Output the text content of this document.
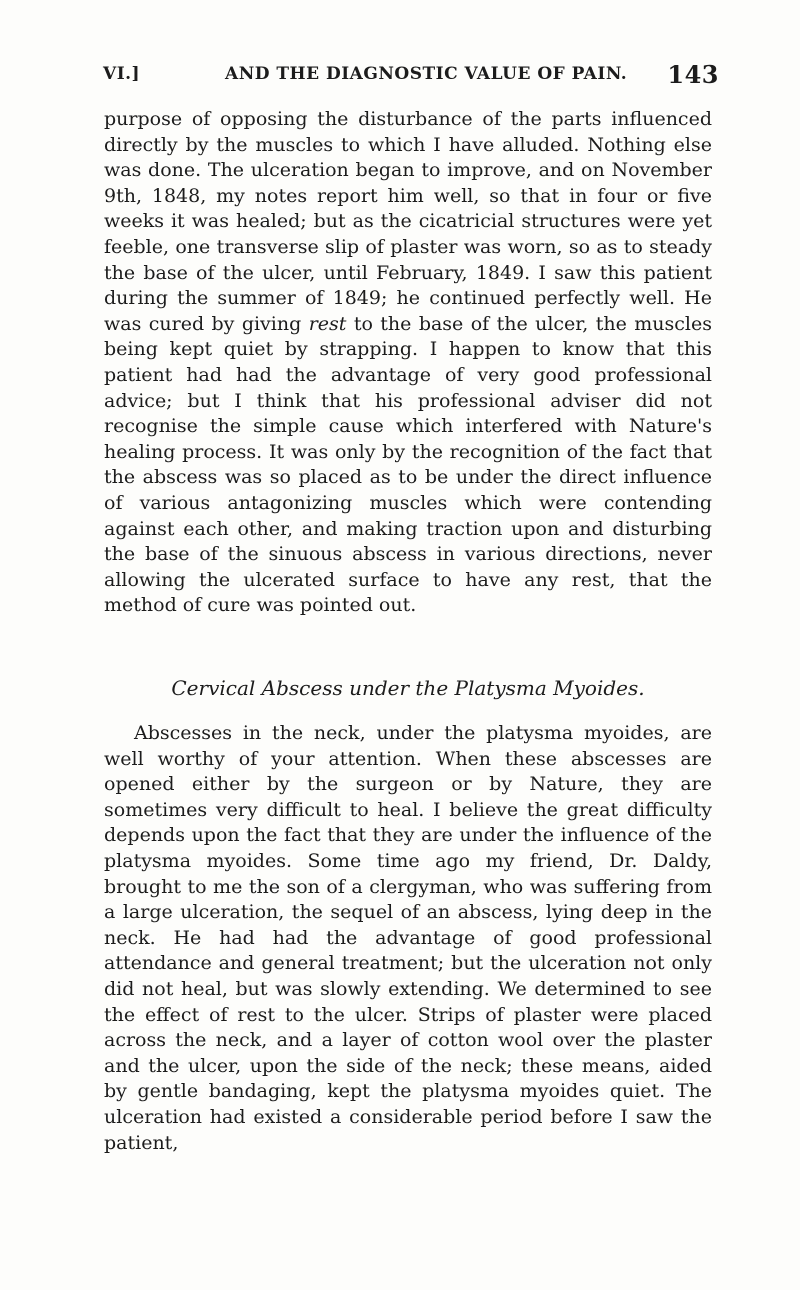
VI.]	AND THE DIAGNOSTIC VALUE OF PAIN. 143

purpose of opposing the disturbance of the parts influenced directly by the muscles to which I have alluded. Nothing else was done. The ulceration began to improve, and on November 9th, 1848, my notes report him well, so that in four or five weeks it was healed; but as the cicatricial structures were yet feeble, one transverse slip of plaster was worn, so as to steady the base of the ulcer, until February, 1849. I saw this patient during the summer of 1849; he continued perfectly well. He was cured by giving rest to the base of the ulcer, the muscles being kept quiet by strapping. I happen to know that this patient had had the advantage of very good professional advice; but I think that his professional adviser did not recognise the simple cause which interfered with Nature's healing process. It was only by the recognition of the fact that the abscess was so placed as to be under the direct influence of various antagonizing muscles which were contending against each other, and making traction upon and disturbing the base of the sinuous abscess in various directions, never allowing the ulcerated surface to have any rest, that the method of cure was pointed out.

Cervical Abscess under the Platysma Myoides.

Abscesses in the neck, under the platysma myoides, are well worthy of your attention. When these abscesses are opened either by the surgeon or by Nature, they are sometimes very difficult to heal. I believe the great difficulty depends upon the fact that they are under the influence of the platysma myoides. Some time ago my friend, Dr. Daldy, brought to me the son of a clergyman, who was suffering from a large ulceration, the sequel of an abscess, lying deep in the neck. He had had the advantage of good professional attendance and general treatment; but the ulceration not only did not heal, but was slowly extending. We determined to see the effect of rest to the ulcer. Strips of plaster were placed across the neck, and a layer of cotton wool over the plaster and the ulcer, upon the side of the neck; these means, aided by gentle bandaging, kept the platysma myoides quiet. The ulceration had existed a considerable period before I saw the patient,
